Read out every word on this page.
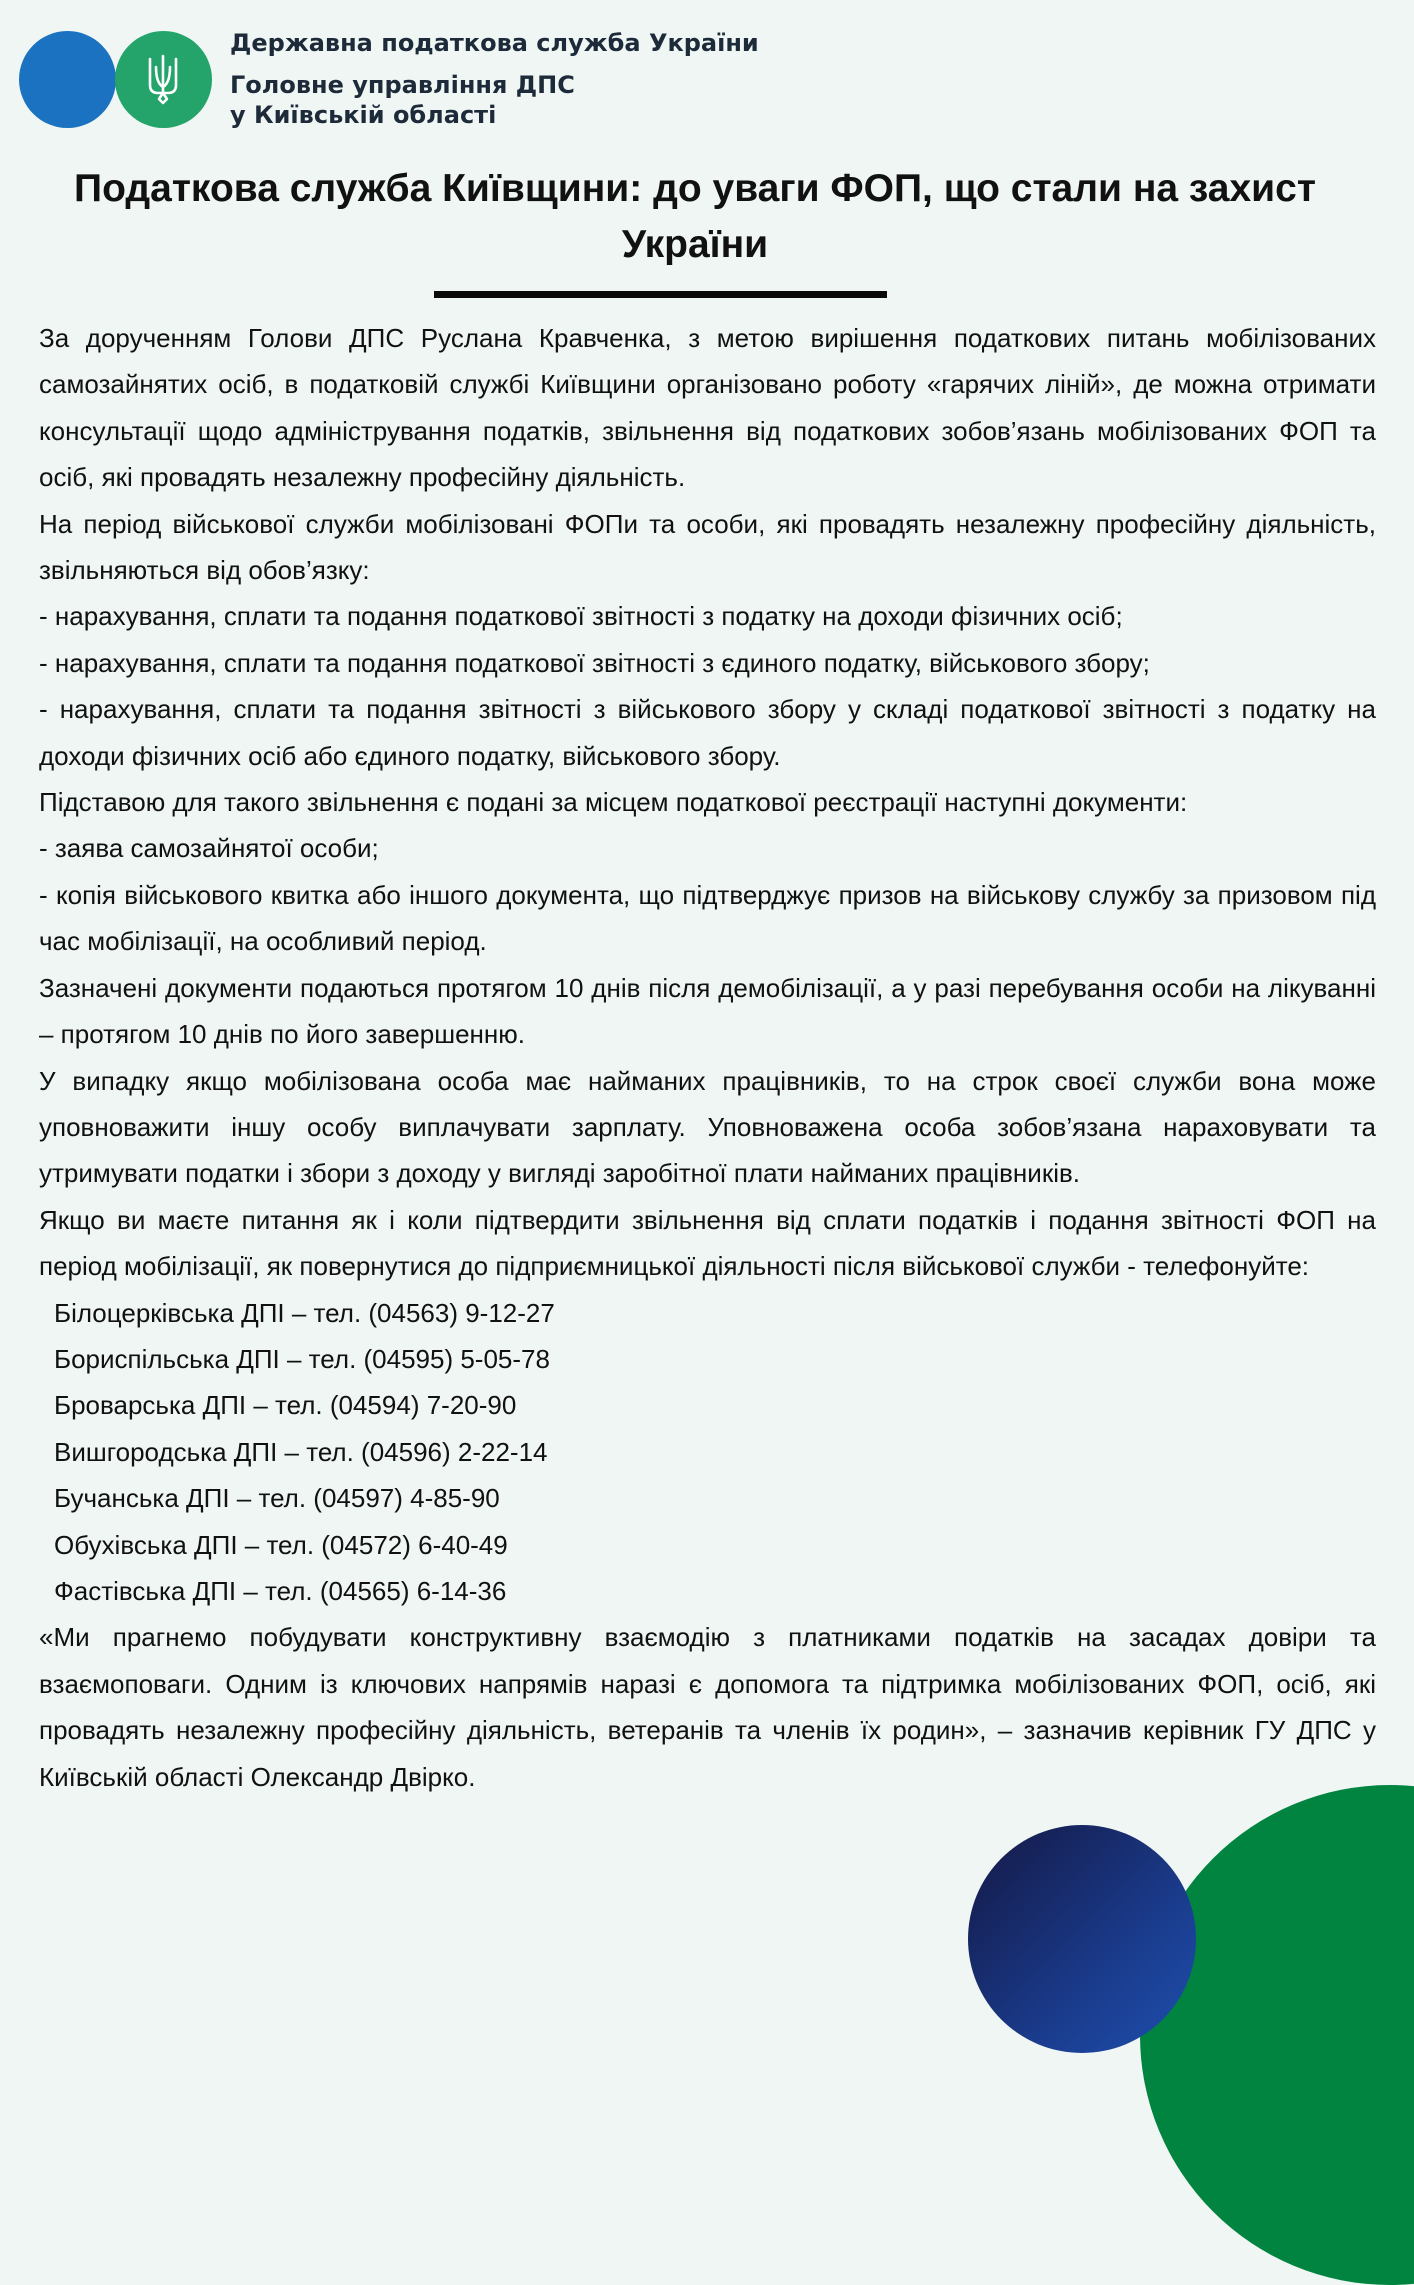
Державна податкова служба України
Головне управління ДПС
у Київській області
Податкова служба Київщини: до уваги ФОП, що стали на захист України

За дорученням Голови ДПС Руслана Кравченка, з метою вирішення податкових питань мобілізованих самозайнятих осіб, в податковій службі Київщини організовано роботу «гарячих ліній», де можна отримати консультації щодо адміністрування податків, звільнення від податкових зобов’язань мобілізованих ФОП та осіб, які провадять незалежну професійну діяльність.

На період військової служби мобілізовані ФОПи та особи, які провадять незалежну професійну діяльність, звільняються від обов’язку:

- нарахування, сплати та подання податкової звітності з податку на доходи фізичних осіб;

- нарахування, сплати та подання податкової звітності з єдиного податку, військового збору;

- нарахування, сплати та подання звітності з військового збору у складі податкової звітності з податку на доходи фізичних осіб або єдиного податку, військового збору.

Підставою для такого звільнення є подані за місцем податкової реєстрації наступні документи:

- заява самозайнятої особи;

- копія військового квитка або іншого документа, що підтверджує призов на військову службу за призовом під час мобілізації, на особливий період.

Зазначені документи подаються протягом 10 днів після демобілізації, а у разі перебування особи на лікуванні – протягом 10 днів по його завершенню.

У випадку якщо мобілізована особа має найманих працівників, то на строк своєї служби вона може уповноважити іншу особу виплачувати зарплату. Уповноважена особа зобов’язана нараховувати та утримувати податки і збори з доходу у вигляді заробітної плати найманих працівників.

Якщо ви маєте питання як і коли підтвердити звільнення від сплати податків і подання звітності ФОП на період мобілізації, як повернутися до підприємницької діяльності після військової служби - телефонуйте:

Білоцерківська ДПІ – тел. (04563) 9-12-27

Бориспільська ДПІ – тел. (04595) 5-05-78

Броварська ДПІ – тел. (04594) 7-20-90

Вишгородська ДПІ – тел. (04596) 2-22-14

Бучанська ДПІ – тел. (04597) 4-85-90

Обухівська ДПІ – тел. (04572) 6-40-49

Фастівська ДПІ – тел. (04565) 6-14-36

«Ми прагнемо побудувати конструктивну взаємодію з платниками податків на засадах довіри та взаємоповаги. Одним із ключових напрямів наразі є допомога та підтримка мобілізованих ФОП, осіб, які провадять незалежну професійну діяльність, ветеранів та членів їх родин», – зазначив керівник ГУ ДПС у Київській області Олександр Двірко.
